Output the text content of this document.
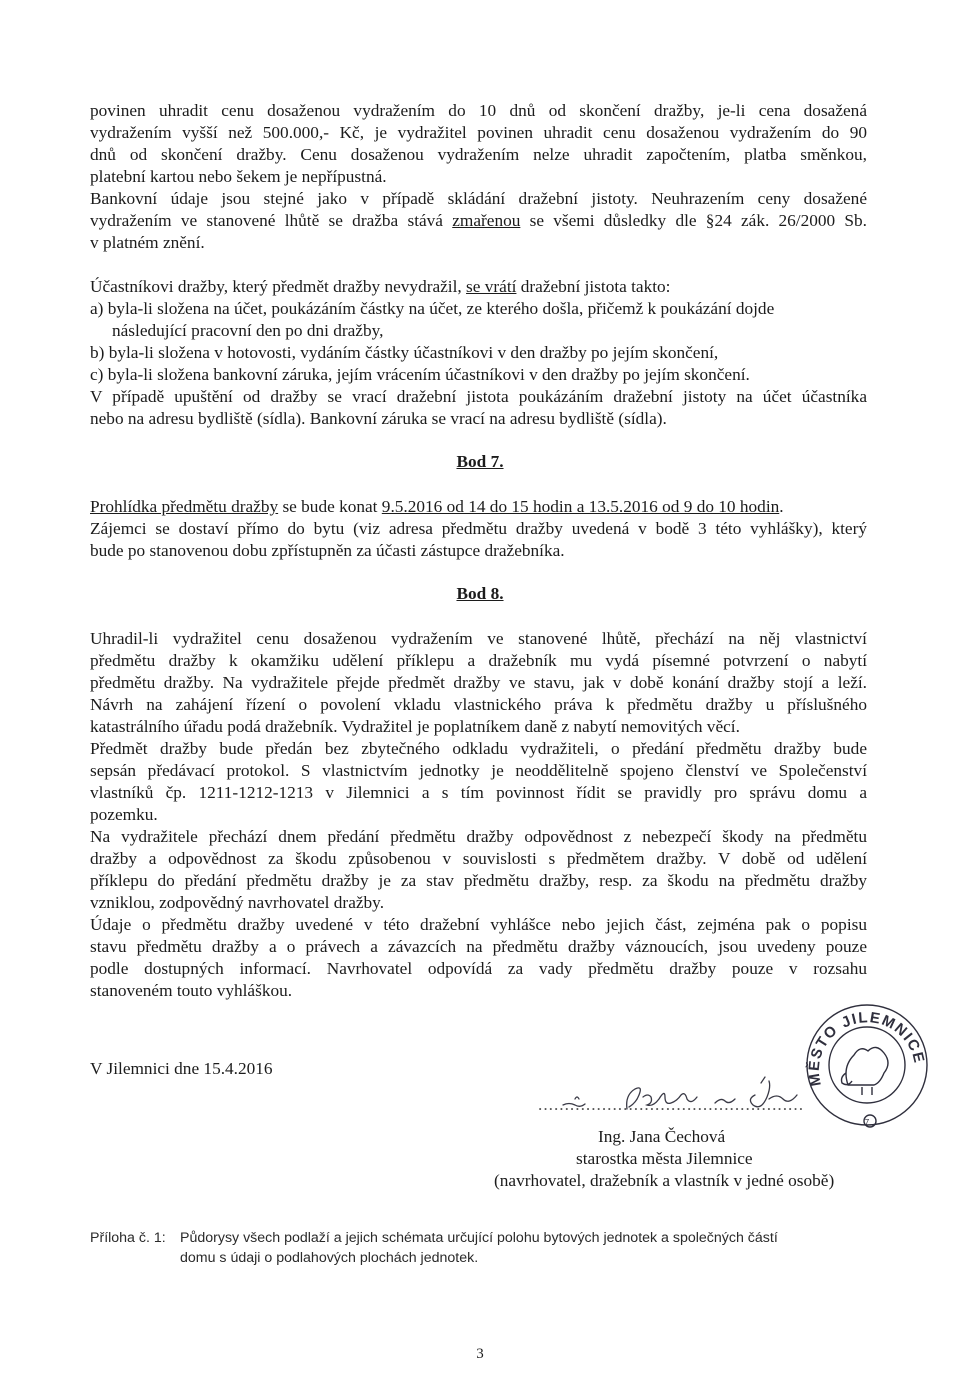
povinen uhradit cenu dosaženou vydražením do 10 dnů od skončení dražby, je-li cena dosažená
vydražením vyšší než 500.000,- Kč, je vydražitel povinen uhradit cenu dosaženou vydražením do 90
dnů od skončení dražby. Cenu dosaženou vydražením nelze uhradit započtením, platba směnkou,
platební kartou nebo šekem je nepřípustná.
Bankovní údaje jsou stejné jako v případě skládání dražební jistoty. Neuhrazením ceny dosažené
vydražením ve stanovené lhůtě se dražba stává zmařenou se všemi důsledky dle §24 zák. 26/2000 Sb.
v platném znění.
Účastníkovi dražby, který předmět dražby nevydražil, se vrátí dražební jistota takto:
a) byla-li složena na účet, poukázáním částky na účet, ze kterého došla, přičemž k poukázání dojde
následující pracovní den po dni dražby,
b) byla-li složena v hotovosti, vydáním částky účastníkovi v den dražby po jejím skončení,
c) byla-li složena bankovní záruka, jejím vrácením účastníkovi v den dražby po jejím skončení.
V případě upuštění od dražby se vrací dražební jistota poukázáním dražební jistoty na účet účastníka
nebo na adresu bydliště (sídla). Bankovní záruka se vrací na adresu bydliště (sídla).
Bod 7.
Prohlídka předmětu dražby se bude konat 9.5.2016 od 14 do 15 hodin a 13.5.2016 od 9 do 10 hodin.
Zájemci se dostaví přímo do bytu (viz adresa předmětu dražby uvedená v bodě 3 této vyhlášky), který
bude po stanovenou dobu zpřístupněn za účasti zástupce dražebníka.
Bod 8.
Uhradil-li vydražitel cenu dosaženou vydražením ve stanovené lhůtě, přechází na něj vlastnictví
předmětu dražby k okamžiku udělení příklepu a dražebník mu vydá písemné potvrzení o nabytí
předmětu dražby. Na vydražitele přejde předmět dražby ve stavu, jak v době konání dražby stojí a leží.
Návrh na zahájení řízení o povolení vkladu vlastnického práva k předmětu dražby u příslušného
katastrálního úřadu podá dražebník. Vydražitel je poplatníkem daně z nabytí nemovitých věcí.
Předmět dražby bude předán bez zbytečného odkladu vydražiteli, o předání předmětu dražby bude
sepsán předávací protokol. S vlastnictvím jednotky je neoddělitelně spojeno členství ve Společenství
vlastníků čp. 1211-1212-1213 v Jilemnici a s tím povinnost řídit se pravidly pro správu domu a
pozemku.
Na vydražitele přechází dnem předání předmětu dražby odpovědnost z nebezpečí škody na předmětu
dražby a odpovědnost za škodu způsobenou v souvislosti s předmětem dražby. V době od udělení
příklepu do předání předmětu dražby je za stav předmětu dražby, resp. za škodu na předmětu dražby
vzniklou, zodpovědný navrhovatel dražby.
Údaje o předmětu dražby uvedené v této dražební vyhlášce nebo jejich část, zejména pak o popisu
stavu předmětu dražby a o právech a závazcích na předmětu dražby váznoucích, jsou uvedeny pouze
podle dostupných informací. Navrhovatel odpovídá za vady předmětu dražby pouze v rozsahu
stanoveném touto vyhláškou.
V Jilemnici dne 15.4.2016
MĚSTO JILEMNICE
7
..................................................
Ing. Jana Čechová
starostka města Jilemnice
(navrhovatel, dražebník a vlastník v jedné osobě)
Příloha č. 1: Půdorysy všech podlaží a jejich schémata určující polohu bytových jednotek a společných částí
domu s údaji o podlahových plochách jednotek.
3
